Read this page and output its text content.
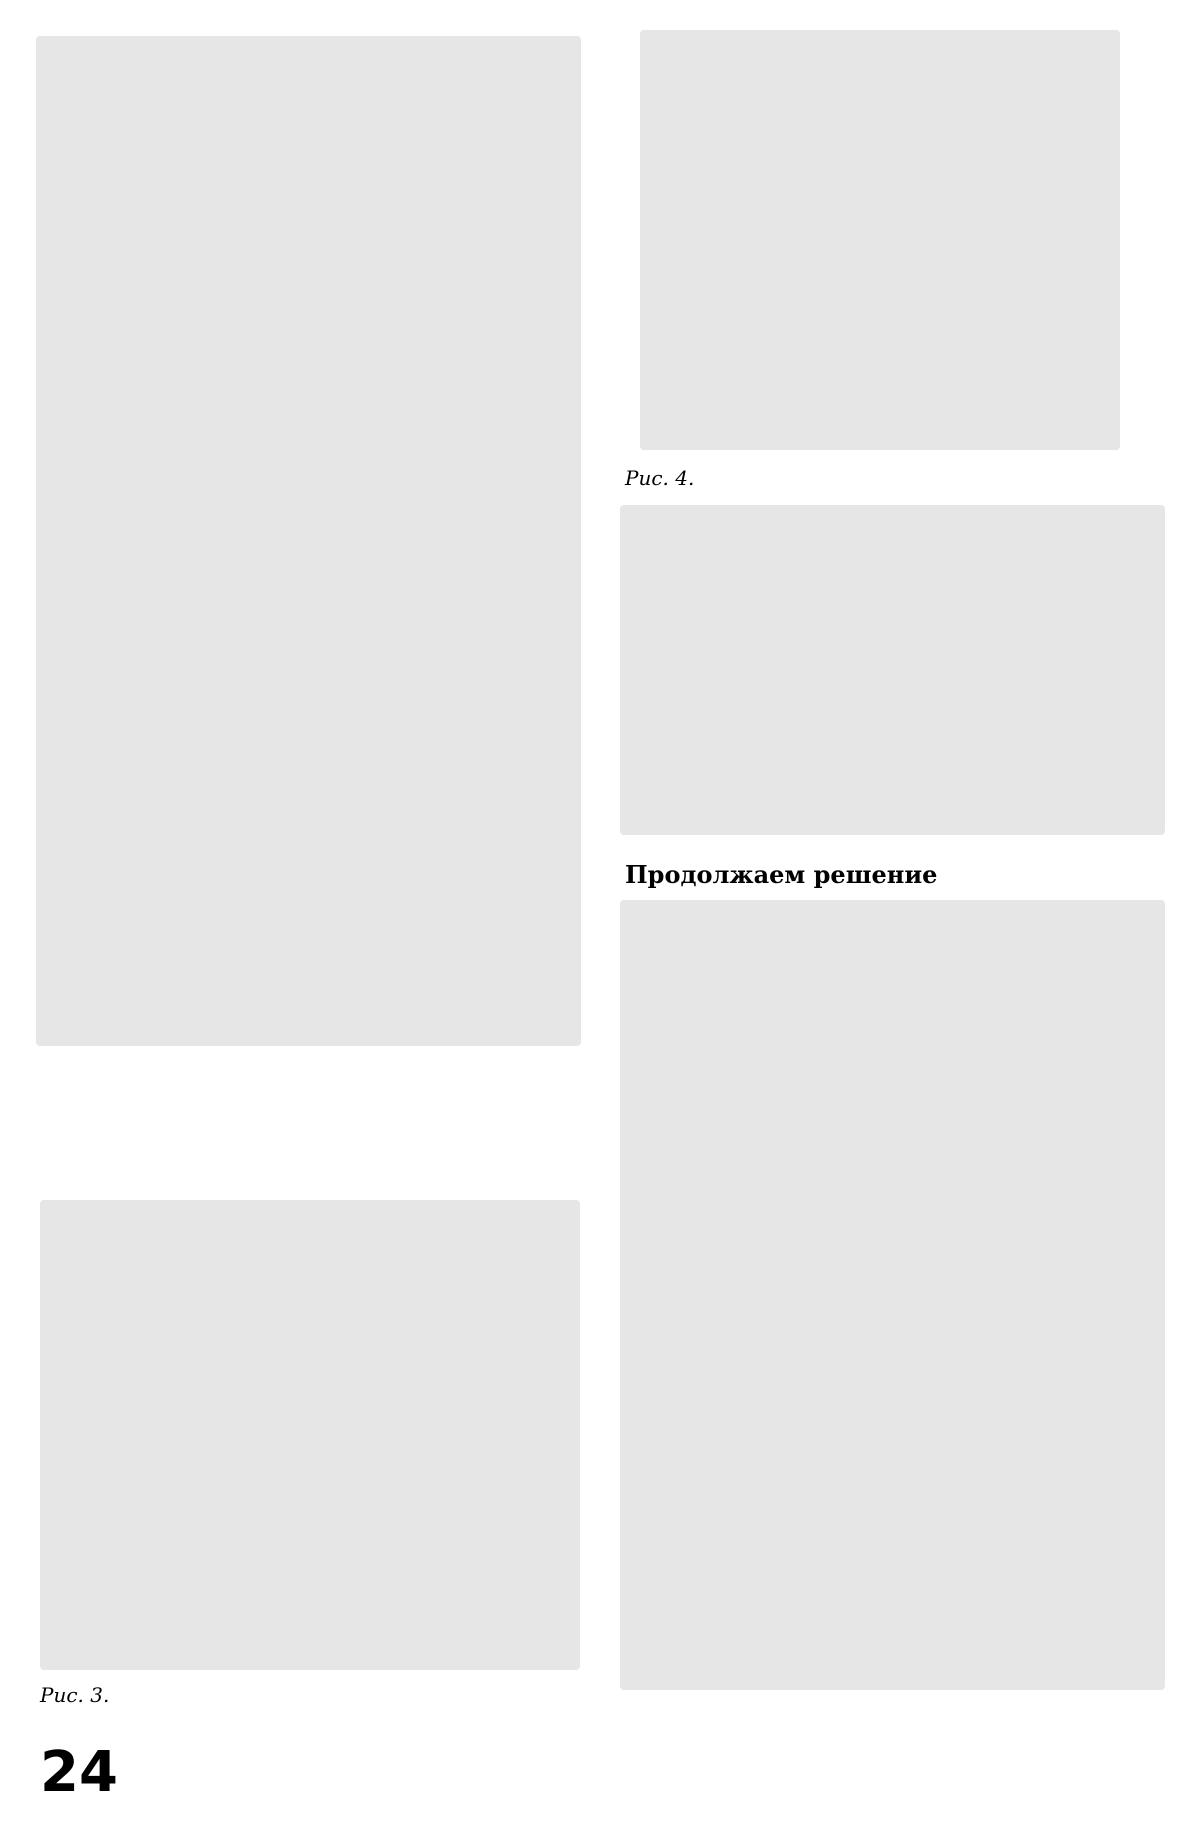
Рис. 3.
Рис. 4.
Продолжаем решение
24
